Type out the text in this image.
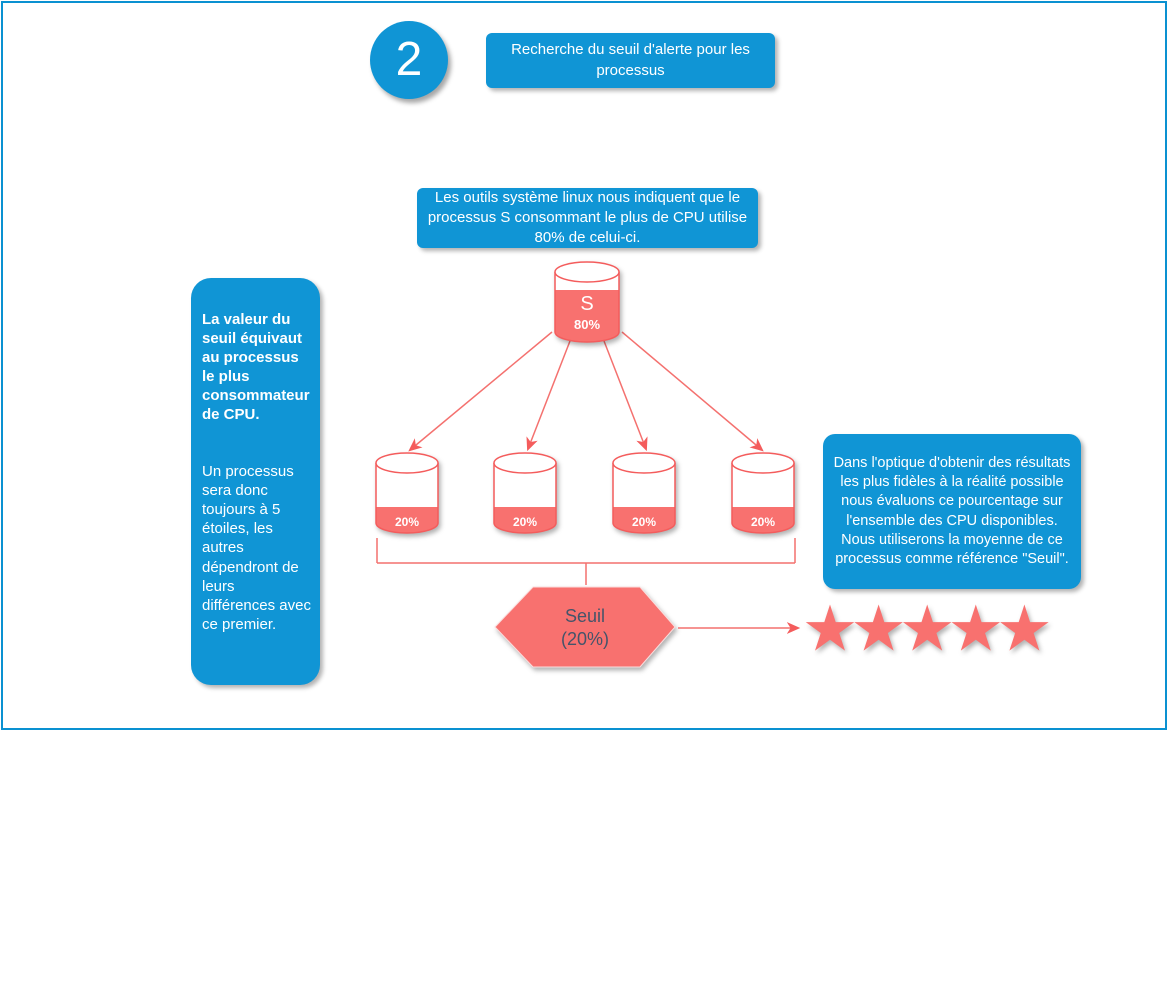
2	Recherche du seuil d'alerte pour les processus
Les outils système linux nous indiquent que le processus S consommant le plus de CPU utilise 80% de celui-ci.
La valeur du seuil équivaut au processus le plus consommateur de CPU.
Un processus sera donc toujours à 5 étoiles, les autres dépendront de leurs différences avec ce premier.
Dans l'optique d'obtenir des résultats les plus fidèles à la réalité possible nous évaluons ce pourcentage sur l'ensemble des CPU disponibles. Nous utiliserons la moyenne de ce processus comme référence "Seuil".
S
80%
20%	20%	20%	20%
Seuil
(20%)
